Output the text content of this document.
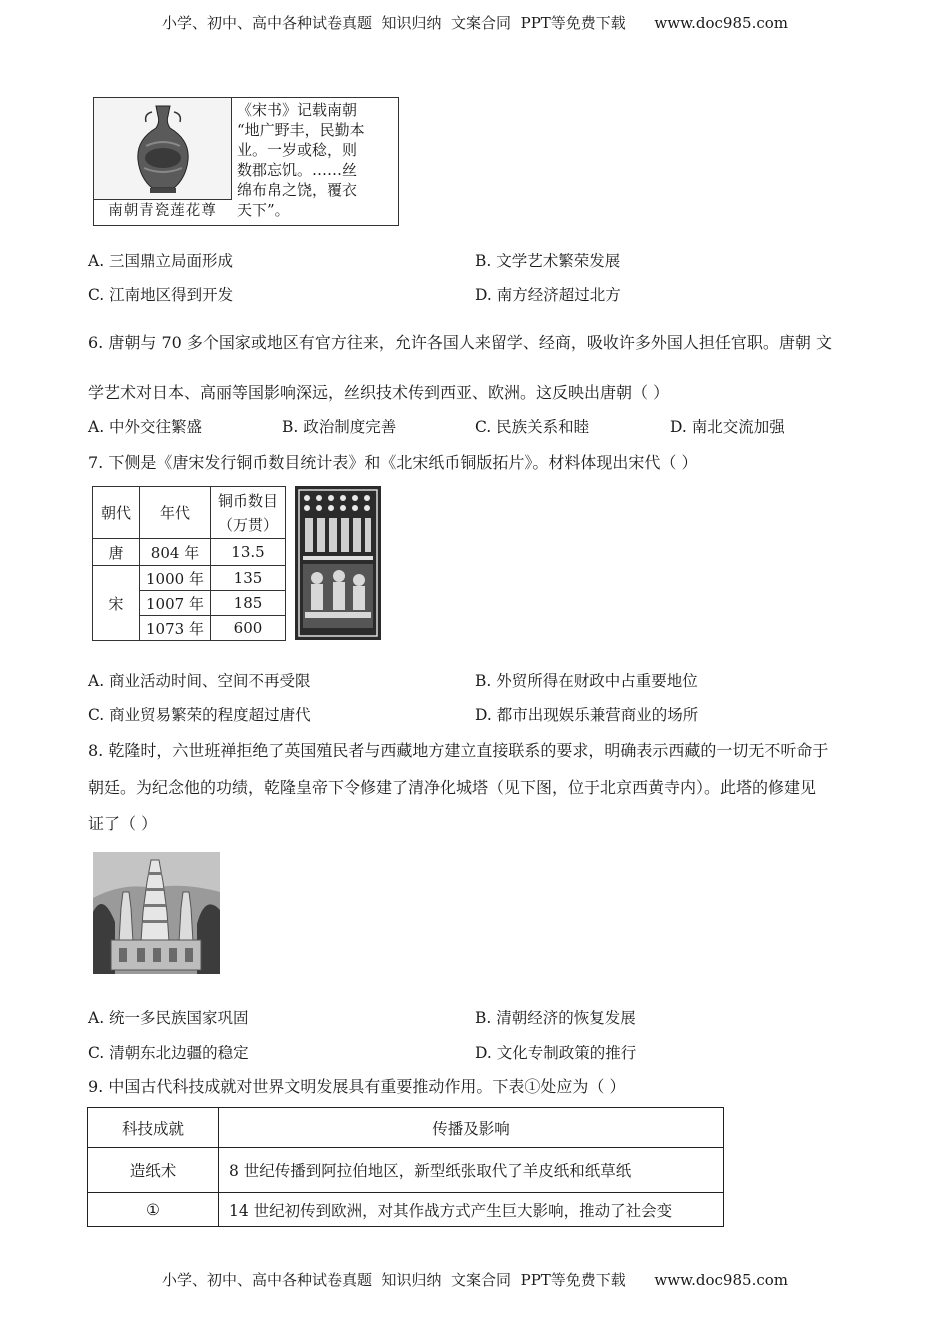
小学、初中、高中各种试卷真题  知识归纳  文案合同  PPT等免费下载      www.doc985.com
南朝青瓷莲花尊
《宋书》记载南朝
“地广野丰，民勤本
业。一岁或稔，则
数郡忘饥。……丝
绵布帛之饶，覆衣
天下”。
A. 三国鼎立局面形成	B. 文学艺术繁荣发展
C. 江南地区得到开发	D. 南方经济超过北方
6. 唐朝与 70 多个国家或地区有官方往来，允许各国人来留学、经商，吸收许多外国人担任官职。唐朝 文
学艺术对日本、高丽等国影响深远，丝织技术传到西亚、欧洲。这反映出唐朝（ ）
A. 中外交往繁盛	B. 政治制度完善	C. 民族关系和睦	D. 南北交流加强
7. 下侧是《唐宋发行铜币数目统计表》和《北宋纸币铜版拓片》。材料体现出宋代（ ）
朝代	年代	铜币数目
（万贯）

唐	804 年	13.5
宋	1000 年	135
	1007 年	185
	1073 年	600
A. 商业活动时间、空间不再受限	B. 外贸所得在财政中占重要地位
C. 商业贸易繁荣的程度超过唐代	D. 都市出现娱乐兼营商业的场所
8. 乾隆时，六世班禅拒绝了英国殖民者与西藏地方建立直接联系的要求，明确表示西藏的一切无不听命于
朝廷。为纪念他的功绩，乾隆皇帝下令修建了清净化城塔（见下图，位于北京西黄寺内）。此塔的修建见
证了（ ）
A. 统一多民族国家巩固	B. 清朝经济的恢复发展
C. 清朝东北边疆的稳定	D. 文化专制政策的推行
9. 中国古代科技成就对世界文明发展具有重要推动作用。下表①处应为（ ）
科技成就	传播及影响
造纸术	8 世纪传播到阿拉伯地区，新型纸张取代了羊皮纸和纸草纸
①	14 世纪初传到欧洲，对其作战方式产生巨大影响，推动了社会变
小学、初中、高中各种试卷真题  知识归纳  文案合同  PPT等免费下载      www.doc985.com
